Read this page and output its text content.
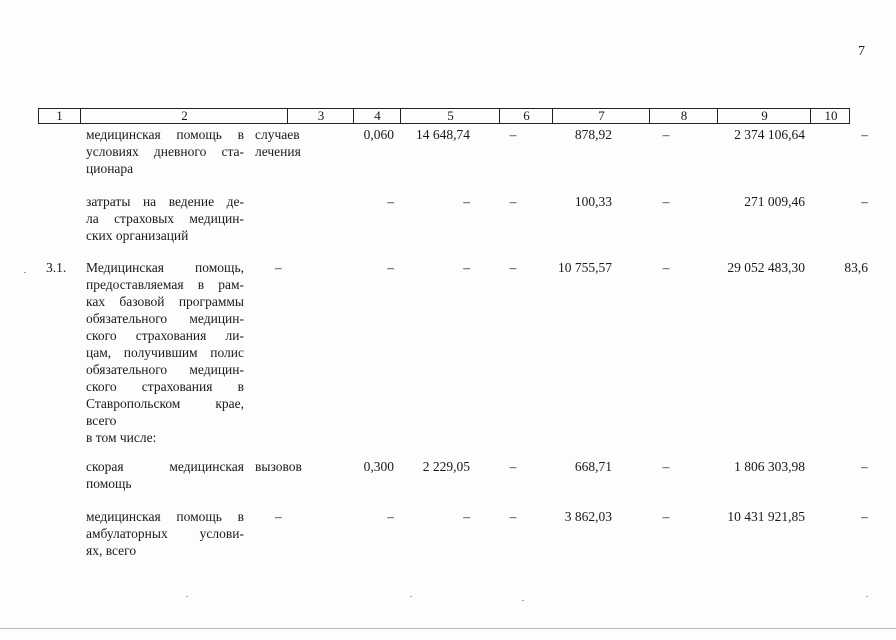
7
1	2	3	4	5	6	7	8	9	10
медицинская помощь в
условиях дневного ста-
ционара
случаев
лечения
0,060	14 648,74	–	878,92	–	2 374 106,64	–
затраты на ведение де-
ла страховых медицин-
ских организаций
–	–	–	100,33	–	271 009,46	–
3.1. Медицинская помощь,
предоставляемая в рам-
ках базовой программы
обязательного медицин-
ского страхования ли-
цам, получившим полис
обязательного медицин-
ского страхования в
Ставропольском крае,
всего
в том числе:
–	–	–	–	10 755,57	–	29 052 483,30	83,6
скорая медицинская
помощь
вызовов	0,300	2 229,05	–	668,71	–	1 806 303,98	–
медицинская помощь в
амбулаторных услови-
ях, всего
–	–	–	–	3 862,03	–	10 431 921,85	–
